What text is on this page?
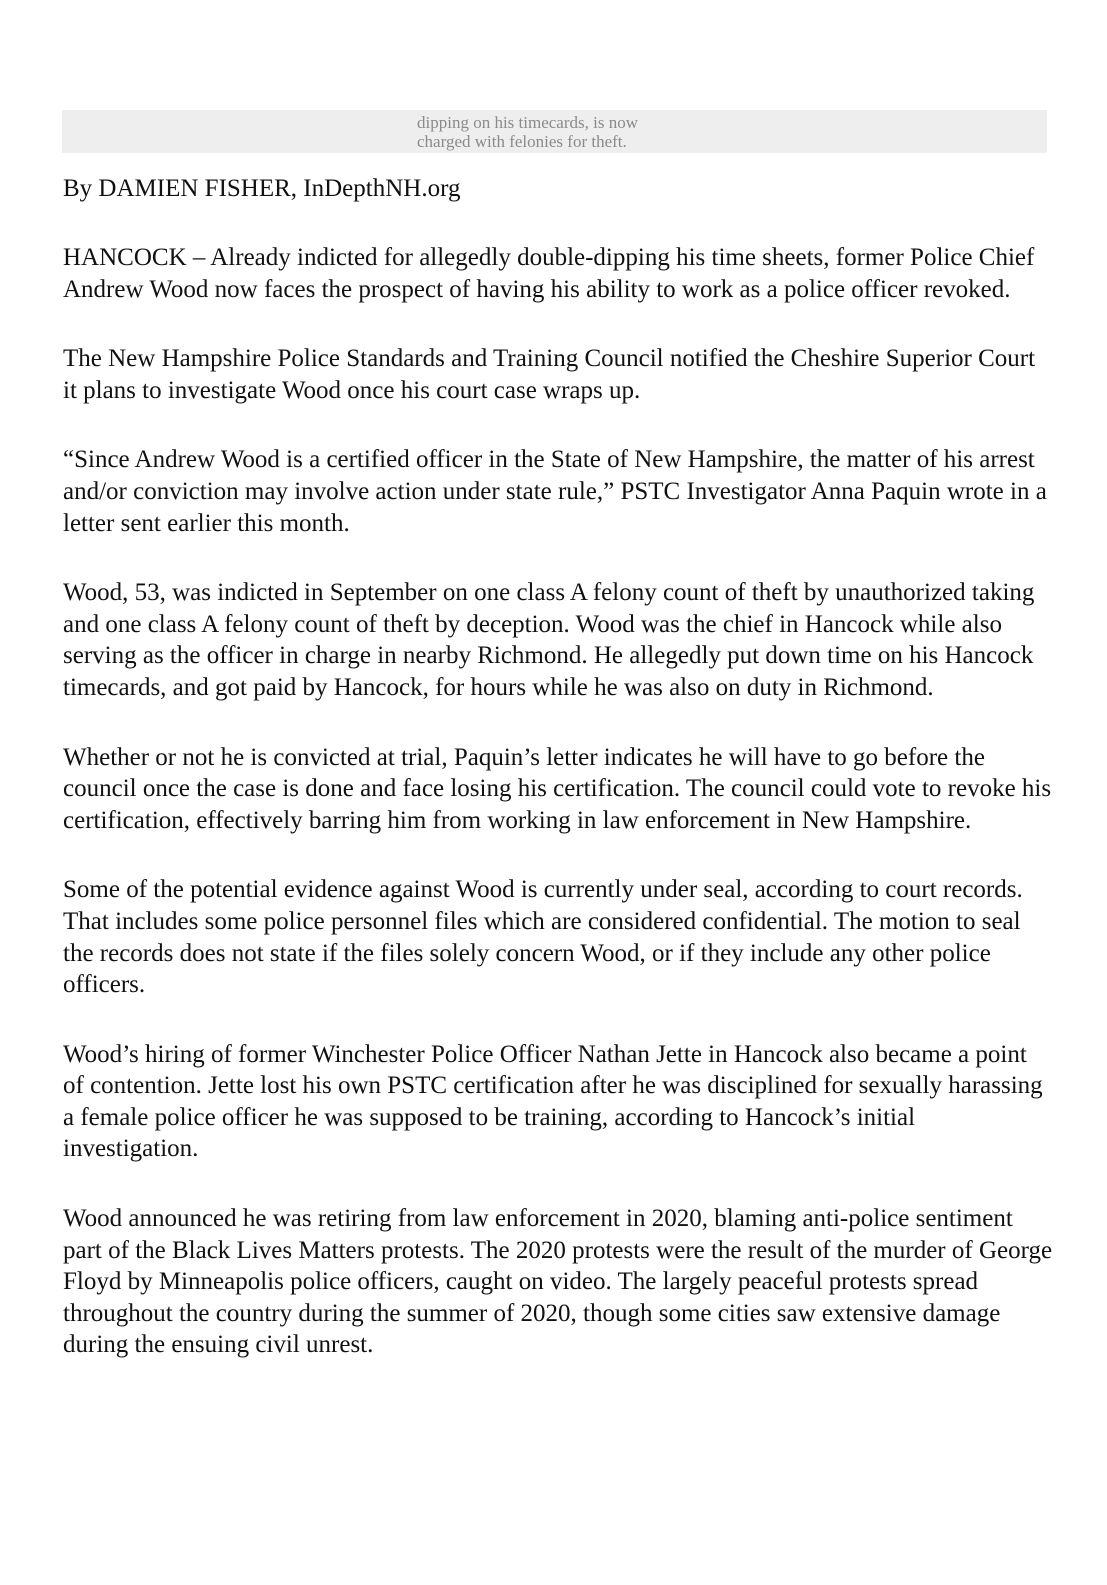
dipping on his timecards, is now
charged with felonies for theft.

By DAMIEN FISHER, InDepthNH.org

HANCOCK – Already indicted for allegedly double-dipping his time sheets, former Police Chief Andrew Wood now faces the prospect of having his ability to work as a police officer revoked.

The New Hampshire Police Standards and Training Council notified the Cheshire Superior Court it plans to investigate Wood once his court case wraps up.

“Since Andrew Wood is a certified officer in the State of New Hampshire, the matter of his arrest and/or conviction may involve action under state rule,” PSTC Investigator Anna Paquin wrote in a letter sent earlier this month.

Wood, 53, was indicted in September on one class A felony count of theft by unauthorized taking and one class A felony count of theft by deception. Wood was the chief in Hancock while also serving as the officer in charge in nearby Richmond. He allegedly put down time on his Hancock timecards, and got paid by Hancock, for hours while he was also on duty in Richmond.

Whether or not he is convicted at trial, Paquin’s letter indicates he will have to go before the council once the case is done and face losing his certification. The council could vote to revoke his certification, effectively barring him from working in law enforcement in New Hampshire.

Some of the potential evidence against Wood is currently under seal, according to court records. That includes some police personnel files which are considered confidential. The motion to seal the records does not state if the files solely concern Wood, or if they include any other police officers.

Wood’s hiring of former Winchester Police Officer Nathan Jette in Hancock also became a point of contention. Jette lost his own PSTC certification after he was disciplined for sexually harassing a female police officer he was supposed to be training, according to Hancock’s initial investigation.

Wood announced he was retiring from law enforcement in 2020, blaming anti-police sentiment part of the Black Lives Matters protests. The 2020 protests were the result of the murder of George Floyd by Minneapolis police officers, caught on video. The largely peaceful protests spread throughout the country during the summer of 2020, though some cities saw extensive damage during the ensuing civil unrest.
